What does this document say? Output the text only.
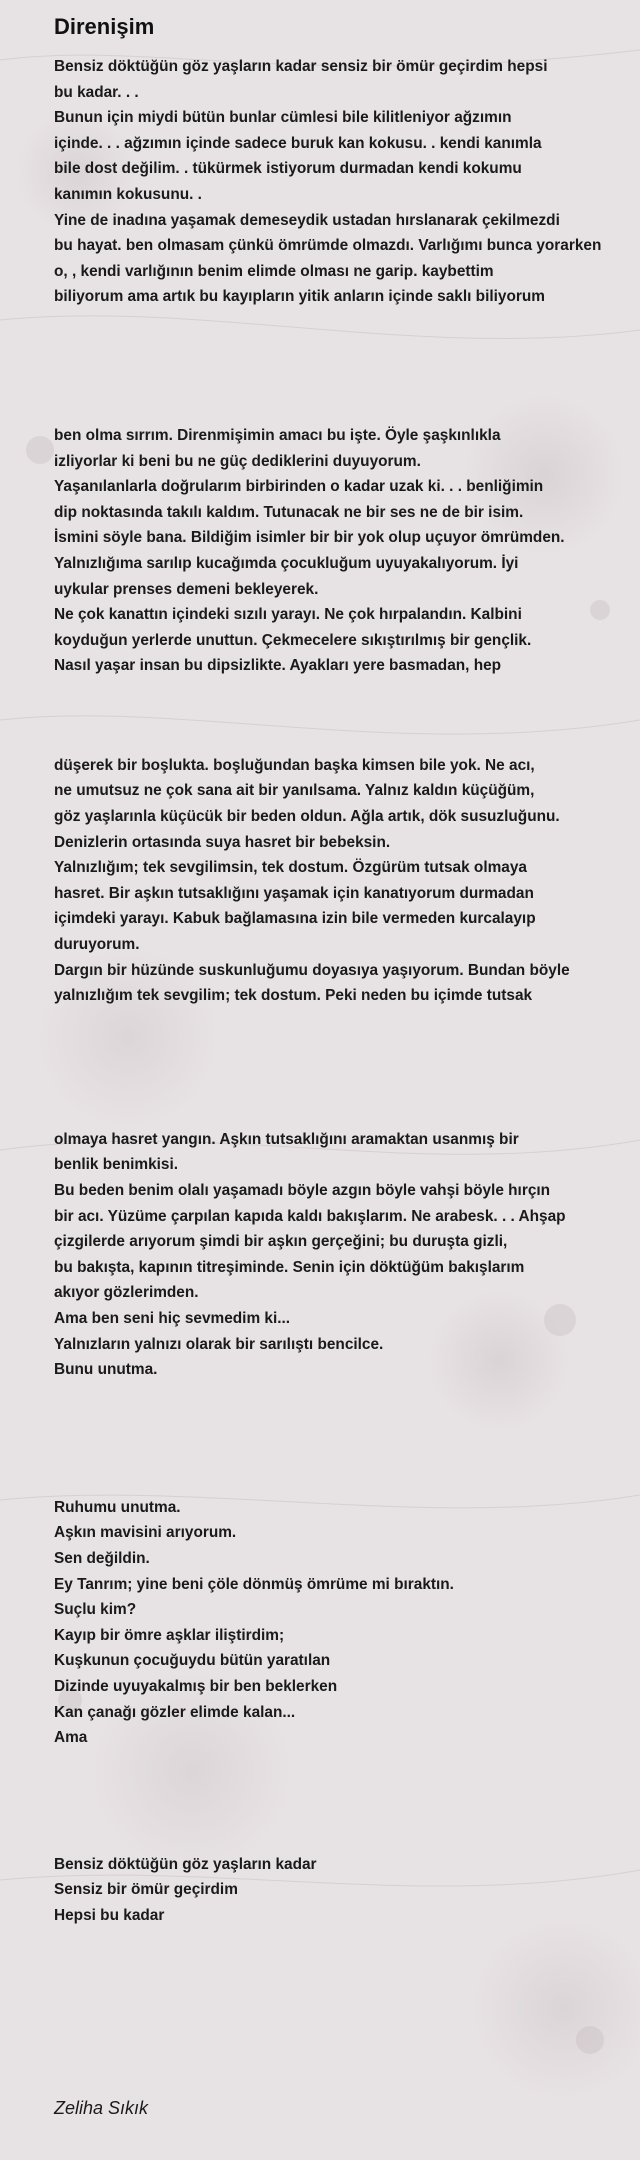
Direnişim
Bensiz döktüğün göz yaşların kadar sensiz bir ömür geçirdim hepsi
bu kadar. . .
Bunun için miydi bütün bunlar cümlesi bile kilitleniyor ağzımın
içinde. . . ağzımın içinde sadece buruk kan kokusu. . kendi kanımla
bile dost değilim. . tükürmek istiyorum durmadan kendi kokumu
kanımın kokusunu. .
Yine de inadına yaşamak demeseydik ustadan hırslanarak çekilmezdi
bu hayat. ben olmasam çünkü ömrümde olmazdı. Varlığımı bunca yorarken
o, , kendi varlığının benim elimde olması ne garip. kaybettim
biliyorum ama artık bu kayıpların yitik anların içinde saklı biliyorum
ben olma sırrım. Direnmişimin amacı bu işte. Öyle şaşkınlıkla
izliyorlar ki beni bu ne güç dediklerini duyuyorum.
Yaşanılanlarla doğrularım birbirinden o kadar uzak ki. . . benliğimin
dip noktasında takılı kaldım. Tutunacak ne bir ses ne de bir isim.
İsmini söyle bana. Bildiğim isimler bir bir yok olup uçuyor ömrümden.
Yalnızlığıma sarılıp kucağımda çocukluğum uyuyakalıyorum. İyi
uykular prenses demeni bekleyerek.
Ne çok kanattın içindeki sızılı yarayı. Ne çok hırpalandın. Kalbini
koyduğun yerlerde unuttun. Çekmecelere sıkıştırılmış bir gençlik.
Nasıl yaşar insan bu dipsizlikte. Ayakları yere basmadan, hep
düşerek bir boşlukta. boşluğundan başka kimsen bile yok. Ne acı,
ne umutsuz ne çok sana ait bir yanılsama. Yalnız kaldın küçüğüm,
göz yaşlarınla küçücük bir beden oldun. Ağla artık, dök susuzluğunu.
Denizlerin ortasında suya hasret bir bebeksin.
Yalnızlığım; tek sevgilimsin, tek dostum. Özgürüm tutsak olmaya
hasret. Bir aşkın tutsaklığını yaşamak için kanatıyorum durmadan
içimdeki yarayı. Kabuk bağlamasına izin bile vermeden kurcalayıp
duruyorum.
Dargın bir hüzünde suskunluğumu doyasıya yaşıyorum. Bundan böyle
yalnızlığım tek sevgilim; tek dostum. Peki neden bu içimde tutsak
olmaya hasret yangın. Aşkın tutsaklığını aramaktan usanmış bir
benlik benimkisi.
Bu beden benim olalı yaşamadı böyle azgın böyle vahşi böyle hırçın
bir acı. Yüzüme çarpılan kapıda kaldı bakışlarım. Ne arabesk. . . Ahşap
çizgilerde arıyorum şimdi bir aşkın gerçeğini; bu duruşta gizli,
bu bakışta, kapının titreşiminde. Senin için döktüğüm bakışlarım
akıyor gözlerimden.
Ama ben seni hiç sevmedim ki...
Yalnızların yalnızı olarak bir sarılıştı bencilce.
Bunu unutma.
Ruhumu unutma.
Aşkın mavisini arıyorum.
Sen değildin.
Ey Tanrım; yine beni çöle dönmüş ömrüme mi bıraktın.
Suçlu kim?
Kayıp bir ömre aşklar iliştirdim;
Kuşkunun çocuğuydu bütün yaratılan
Dizinde uyuyakalmış bir ben beklerken
Kan çanağı gözler elimde kalan...
Ama
Bensiz döktüğün göz yaşların kadar
Sensiz bir ömür geçirdim
Hepsi bu kadar
Zeliha Sıkık
